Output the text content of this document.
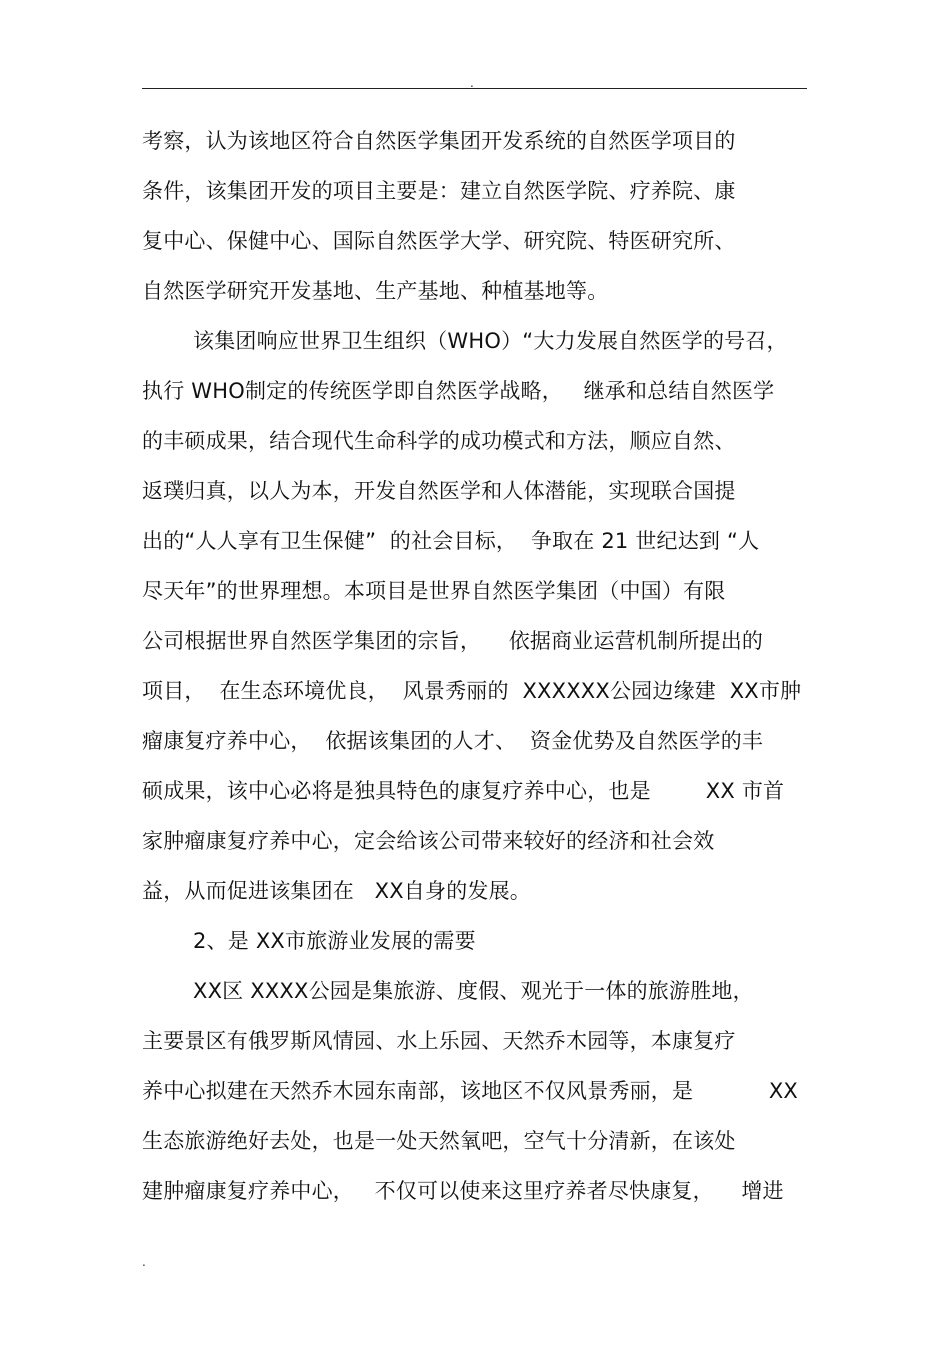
.
考察，认为该地区符合自然医学集团开发系统的自然医学项目的
条件，该集团开发的项目主要是：建立自然医学院、疗养院、康
复中心、保健中心、国际自然医学大学、研究院、特医研究所、
自然医学研究开发基地、生产基地、种植基地等。
该集团响应世界卫生组织（WHO）“大力发展自然医学的号召，
执行 WHO制定的传统医学即自然医学战略，   继承和总结自然医学
的丰硕成果，结合现代生命科学的成功模式和方法，顺应自然、
返璞归真，以人为本，开发自然医学和人体潜能，实现联合国提
出的“人人享有卫生保健”  的社会目标，  争取在 21 世纪达到 “人
尽天年”的世界理想。本项目是世界自然医学集团（中国）有限
公司根据世界自然医学集团的宗旨，    依据商业运营机制所提出的
项目，  在生态环境优良，  风景秀丽的  XXXXXX公园边缘建  XX市肿
瘤康复疗养中心，  依据该集团的人才、  资金优势及自然医学的丰
硕成果，该中心必将是独具特色的康复疗养中心，也是        XX 市首
家肿瘤康复疗养中心，定会给该公司带来较好的经济和社会效
益，从而促进该集团在   XX自身的发展。
2、是 XX市旅游业发展的需要
XX区 XXXX公园是集旅游、度假、观光于一体的旅游胜地，
主要景区有俄罗斯风情园、水上乐园、天然乔木园等，本康复疗
养中心拟建在天然乔木园东南部，该地区不仅风景秀丽，是           XX
生态旅游绝好去处，也是一处天然氧吧，空气十分清新，在该处
建肿瘤康复疗养中心，   不仅可以使来这里疗养者尽快康复，    增进
.
